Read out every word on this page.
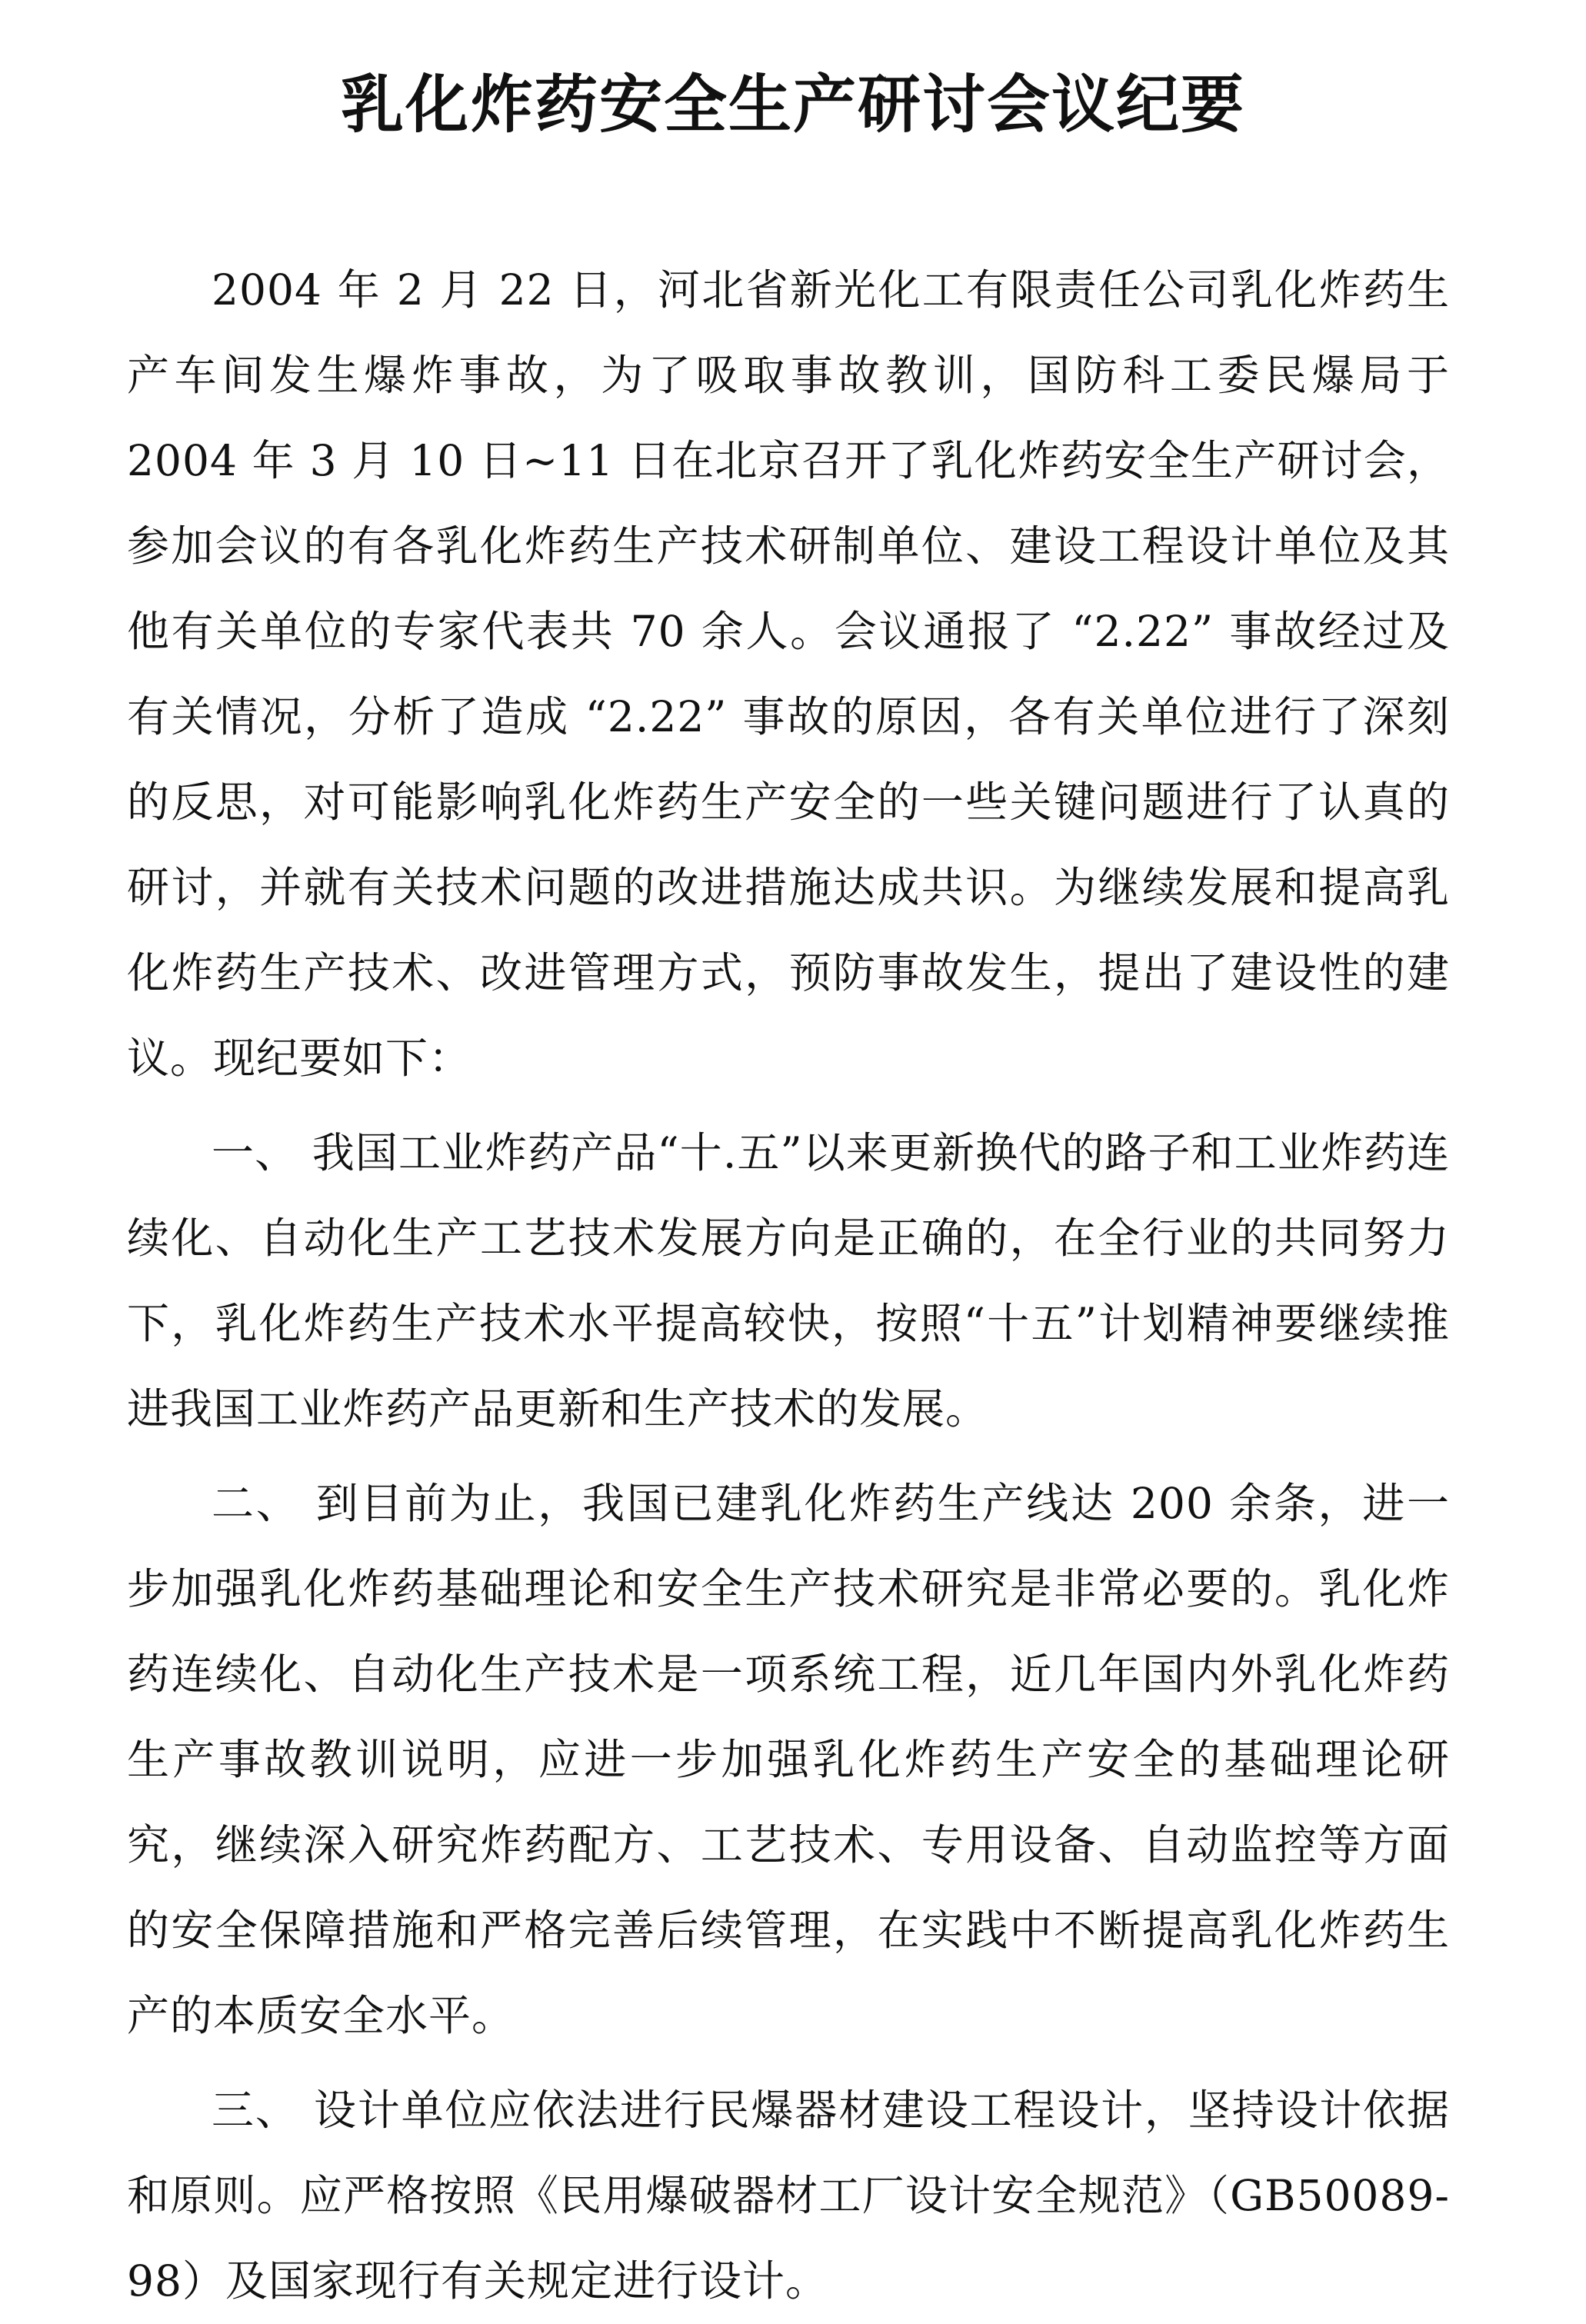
乳化炸药安全生产研讨会议纪要

2004 年 2 月 22 日，河北省新光化工有限责任公司乳化炸药生产车间发生爆炸事故，为了吸取事故教训，国防科工委民爆局于 2004 年 3 月 10 日~11 日在北京召开了乳化炸药安全生产研讨会，参加会议的有各乳化炸药生产技术研制单位、建设工程设计单位及其他有关单位的专家代表共 70 余人。会议通报了 “2.22” 事故经过及有关情况，分析了造成 “2.22” 事故的原因，各有关单位进行了深刻的反思，对可能影响乳化炸药生产安全的一些关键问题进行了认真的研讨，并就有关技术问题的改进措施达成共识。为继续发展和提高乳化炸药生产技术、改进管理方式，预防事故发生，提出了建设性的建议。现纪要如下：

一、 我国工业炸药产品“十.五”以来更新换代的路子和工业炸药连续化、自动化生产工艺技术发展方向是正确的，在全行业的共同努力下，乳化炸药生产技术水平提高较快，按照“十五”计划精神要继续推进我国工业炸药产品更新和生产技术的发展。

二、 到目前为止，我国已建乳化炸药生产线达 200 余条，进一步加强乳化炸药基础理论和安全生产技术研究是非常必要的。乳化炸药连续化、自动化生产技术是一项系统工程，近几年国内外乳化炸药生产事故教训说明，应进一步加强乳化炸药生产安全的基础理论研究，继续深入研究炸药配方、工艺技术、专用设备、自动监控等方面的安全保障措施和严格完善后续管理，在实践中不断提高乳化炸药生产的本质安全水平。

三、 设计单位应依法进行民爆器材建设工程设计，坚持设计依据和原则。应严格按照《民用爆破器材工厂设计安全规范》（GB50089-98）及国家现行有关规定进行设计。
